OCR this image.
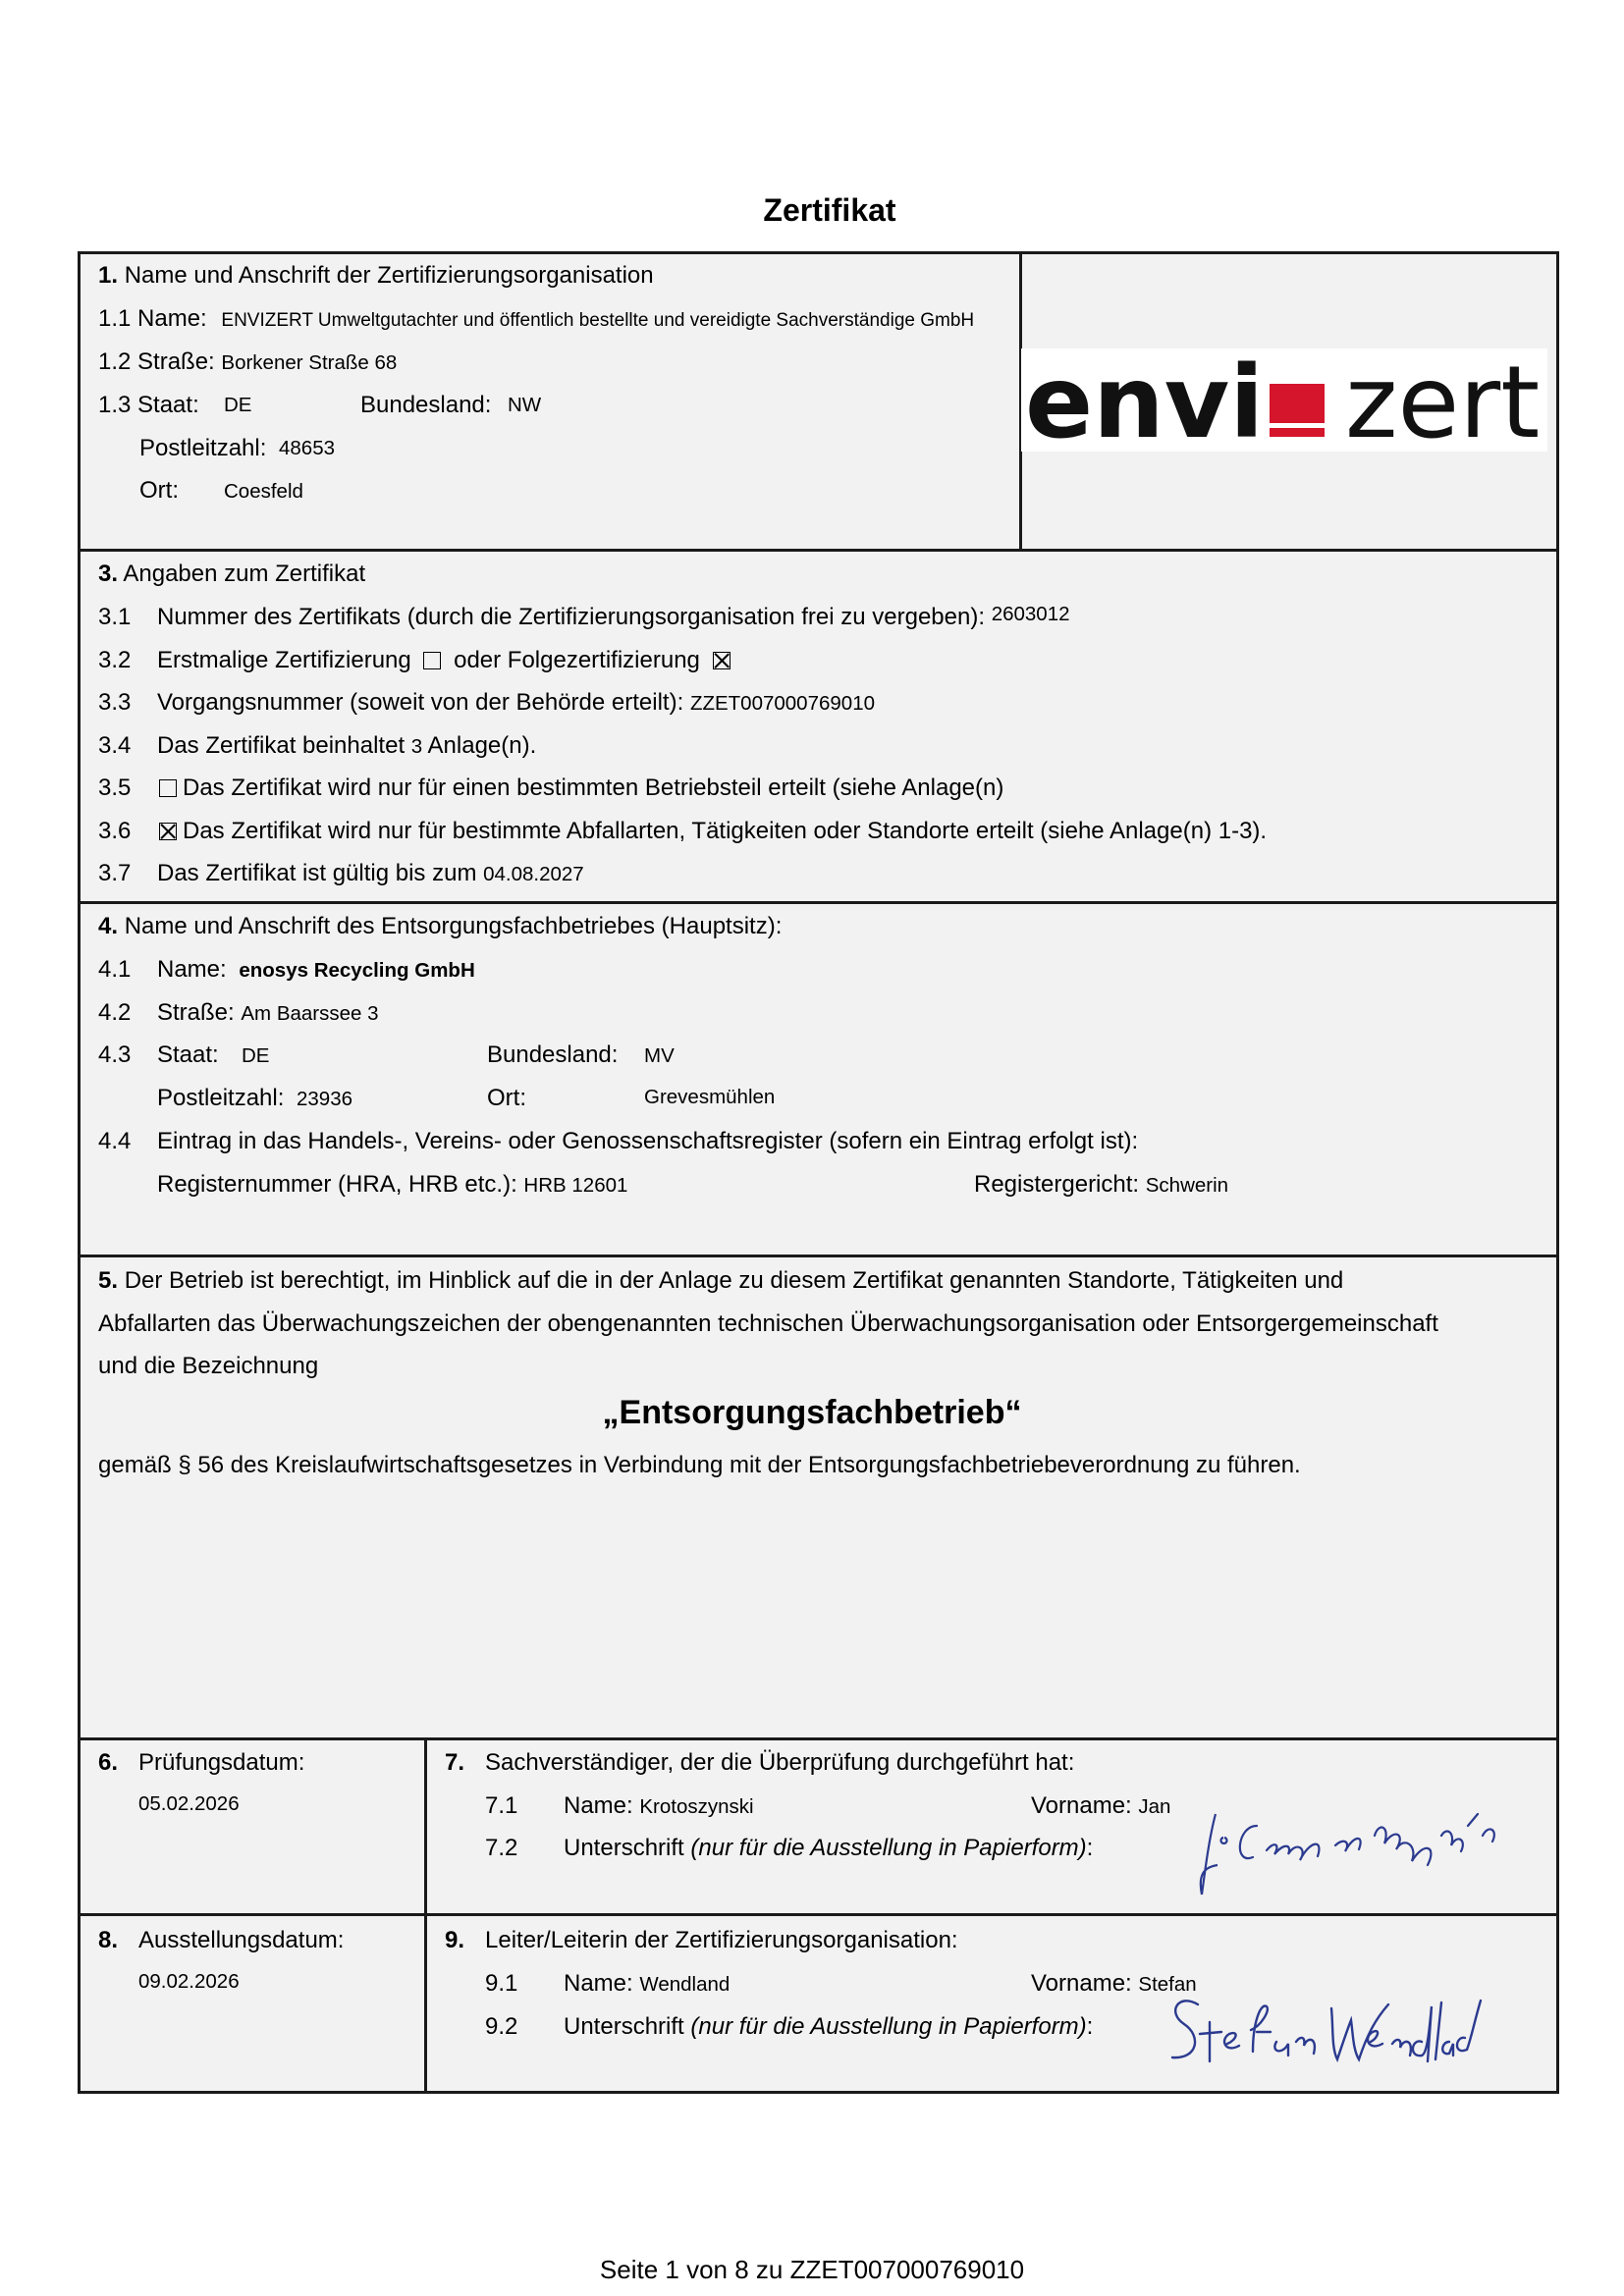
Zertifikat
1. Name und Anschrift der Zertifizierungsorganisation
1.1 Name: ENVIZERT Umweltgutachter und öffentlich bestellte und vereidigte Sachverständige GmbH
1.2 Straße: Borkener Straße 68
1.3 Staat: DE	Bundesland: NW
Postleitzahl: 48653
Ort: Coesfeld
envi zert
3. Angaben zum Zertifikat
3.1 Nummer des Zertifikats (durch die Zertifizierungsorganisation frei zu vergeben): 2603012
3.2 Erstmalige Zertifizierung oder Folgezertifizierung
3.3 Vorgangsnummer (soweit von der Behörde erteilt): ZZET007000769010
3.4 Das Zertifikat beinhaltet 3 Anlage(n).
3.5	Das Zertifikat wird nur für einen bestimmten Betriebsteil erteilt (siehe Anlage(n)
3.6	Das Zertifikat wird nur für bestimmte Abfallarten, Tätigkeiten oder Standorte erteilt (siehe Anlage(n) 1-3).
3.7 Das Zertifikat ist gültig bis zum 04.08.2027
4. Name und Anschrift des Entsorgungsfachbetriebes (Hauptsitz):
4.1 Name: enosys Recycling GmbH
4.2 Straße: Am Baarssee 3
4.3 Staat: DE	Bundesland: MV
Postleitzahl: 23936	Ort:	Grevesmühlen
4.4 Eintrag in das Handels-, Vereins- oder Genossenschaftsregister (sofern ein Eintrag erfolgt ist):
Registernummer (HRA, HRB etc.): HRB 12601	Registergericht: Schwerin
5. Der Betrieb ist berechtigt, im Hinblick auf die in der Anlage zu diesem Zertifikat genannten Standorte, Tätigkeiten und
Abfallarten das Überwachungszeichen der obengenannten technischen Überwachungsorganisation oder Entsorgergemeinschaft
und die Bezeichnung
„Entsorgungsfachbetrieb“
gemäß § 56 des Kreislaufwirtschaftsgesetzes in Verbindung mit der Entsorgungsfachbetriebeverordnung zu führen.
6. Prüfungsdatum:
05.02.2026
7. Sachverständiger, der die Überprüfung durchgeführt hat:
7.1 Name: Krotoszynski	Vorname: Jan
7.2 Unterschrift (nur für die Ausstellung in Papierform):
8. Ausstellungsdatum:
09.02.2026
9. Leiter/Leiterin der Zertifizierungsorganisation:
9.1 Name: Wendland	Vorname: Stefan
9.2 Unterschrift (nur für die Ausstellung in Papierform):
Seite 1 von 8 zu ZZET007000769010
